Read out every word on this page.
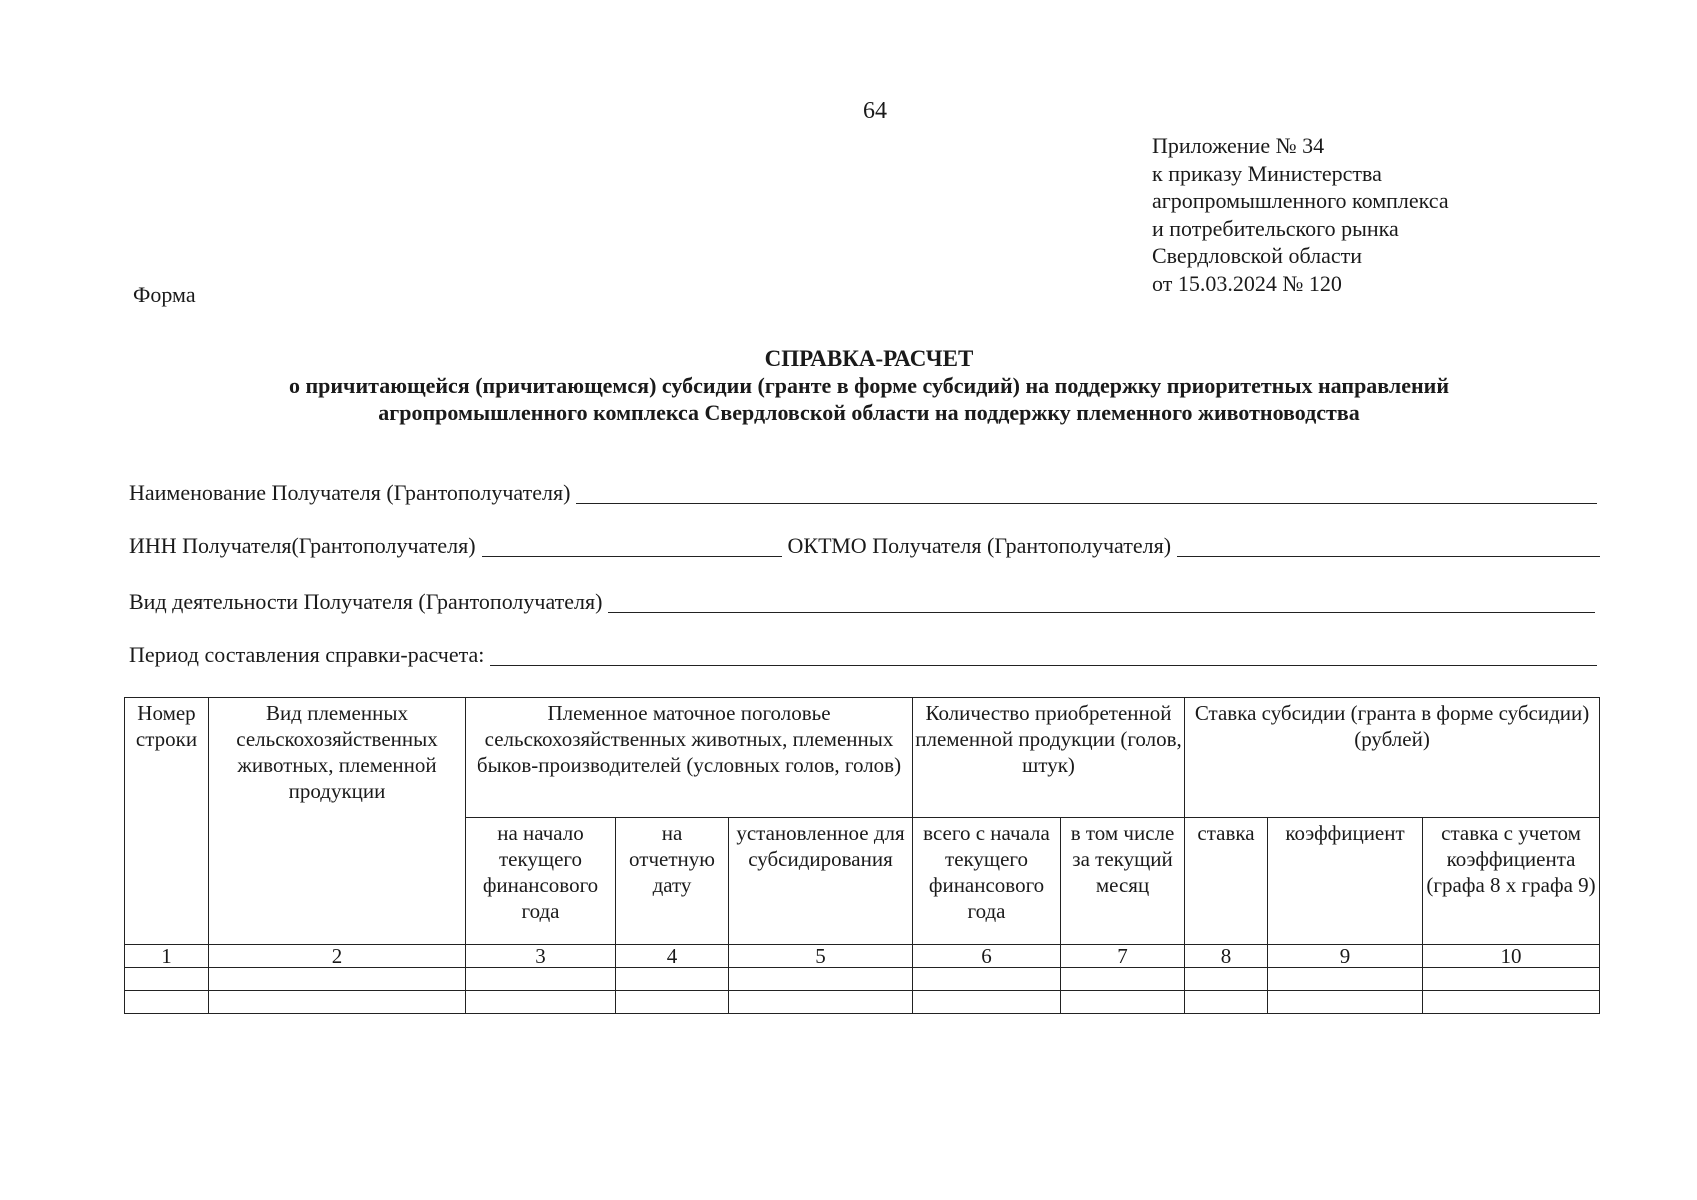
64
Приложение № 34
к приказу Министерства
агропромышленного комплекса
и потребительского рынка
Свердловской области
от 15.03.2024 № 120
Форма
СПРАВКА-РАСЧЕТ
о причитающейся (причитающемся) субсидии (гранте в форме субсидий) на поддержку приоритетных направлений
агропромышленного комплекса Свердловской области на поддержку племенного животноводства
Наименование Получателя (Грантополучателя)
ИНН Получателя(Грантополучателя)	ОКТМО Получателя (Грантополучателя)
Вид деятельности Получателя (Грантополучателя)
Период составления справки-расчета:
Номер строки	Вид племенных сельскохозяйственных животных, племенной продукции	Племенное маточное поголовье сельскохозяйственных животных, племенных быков-производителей (условных голов, голов)			Количество приобретенной племенной продукции (голов, штук)		Ставка субсидии (гранта в форме субсидии) (рублей)		
		на начало текущего финансового года	на отчетную дату	установленное для субсидирования	всего с начала текущего финансового года	в том числе за текущий месяц	ставка	коэффициент	ставка с учетом коэффициента (графа 8 х графа 9)
1	2	3	4	5	6	7	8	9	10
